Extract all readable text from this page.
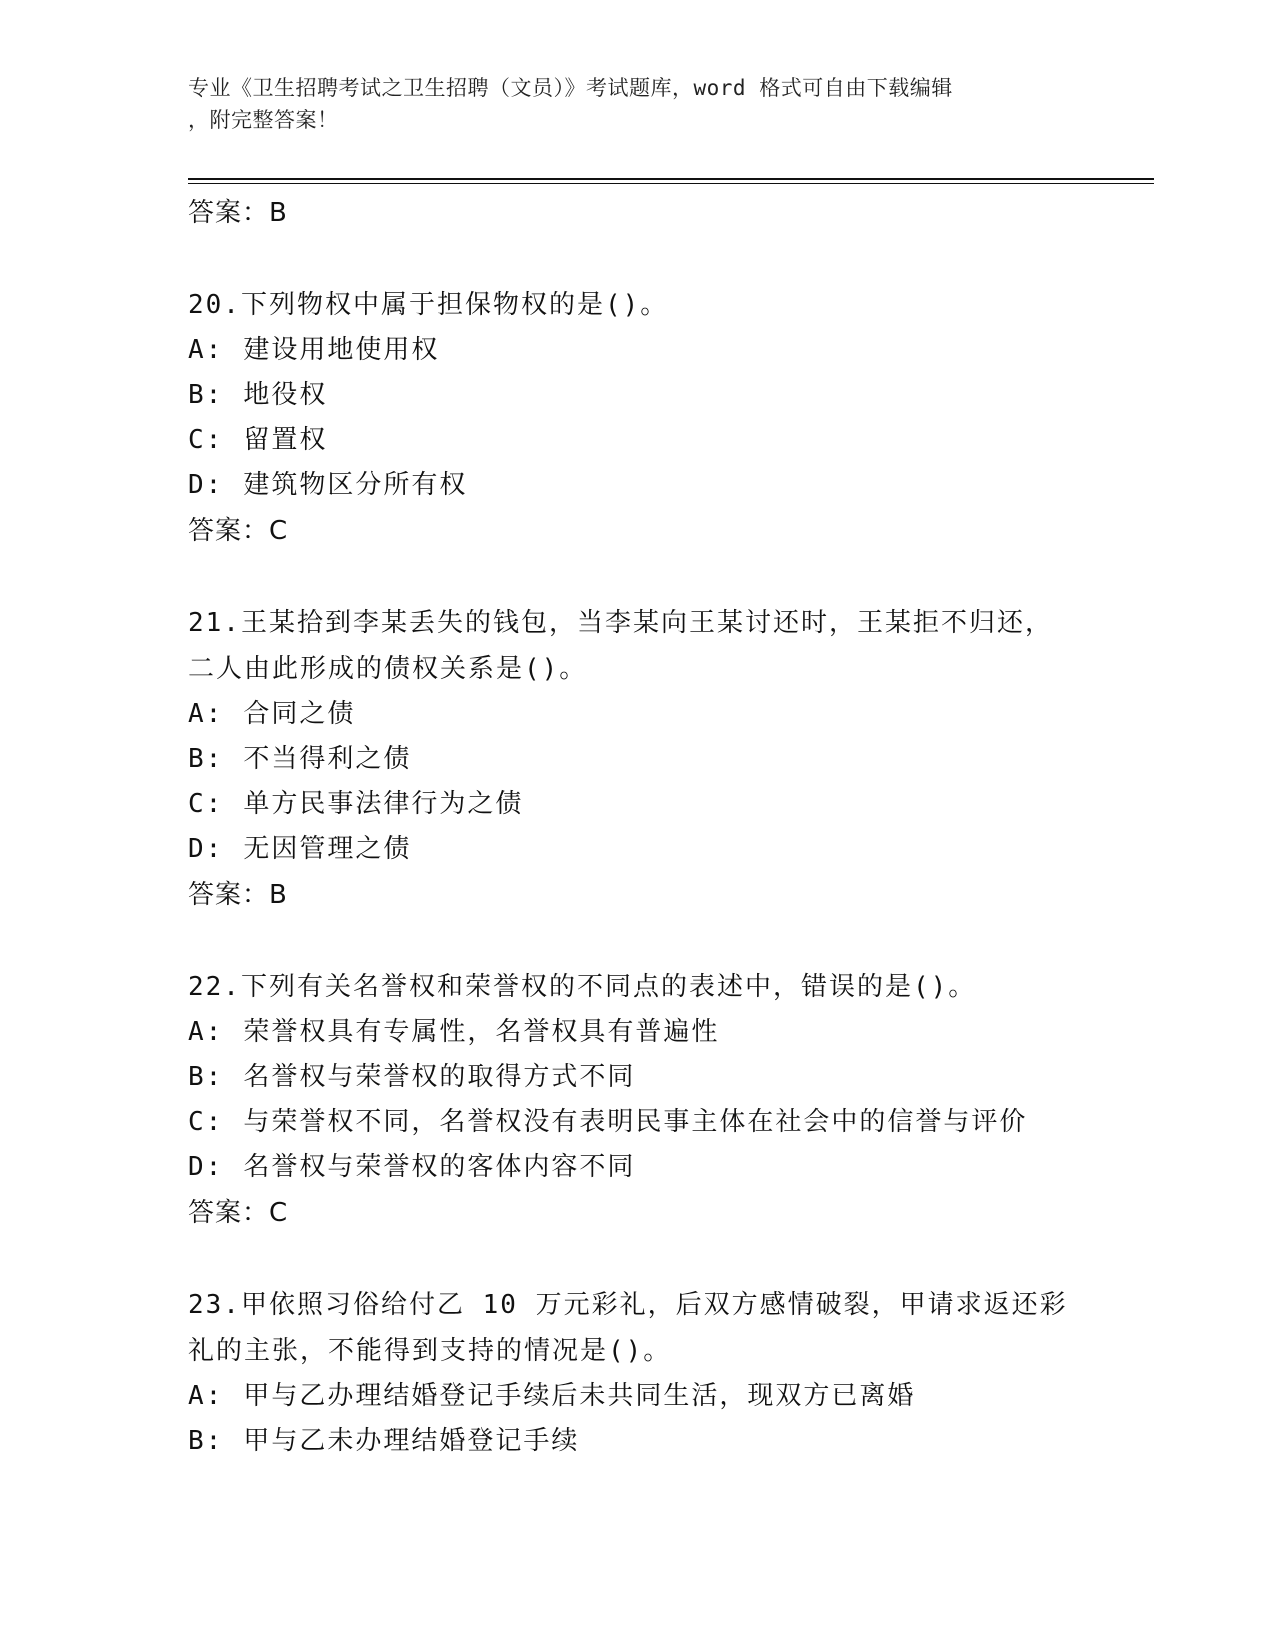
专业《卫生招聘考试之卫生招聘（文员）》考试题库，word 格式可自由下载编辑
，附完整答案！
答案：B
20.下列物权中属于担保物权的是()。
A: 建设用地使用权
B: 地役权
C: 留置权
D: 建筑物区分所有权
答案：C
21.王某拾到李某丢失的钱包，当李某向王某讨还时，王某拒不归还，
二人由此形成的债权关系是()。
A: 合同之债
B: 不当得利之债
C: 单方民事法律行为之债
D: 无因管理之债
答案：B
22.下列有关名誉权和荣誉权的不同点的表述中，错误的是()。
A: 荣誉权具有专属性，名誉权具有普遍性
B: 名誉权与荣誉权的取得方式不同
C: 与荣誉权不同，名誉权没有表明民事主体在社会中的信誉与评价
D: 名誉权与荣誉权的客体内容不同
答案：C
23.甲依照习俗给付乙 10 万元彩礼，后双方感情破裂，甲请求返还彩
礼的主张，不能得到支持的情况是()。
A: 甲与乙办理结婚登记手续后未共同生活，现双方已离婚
B: 甲与乙未办理结婚登记手续
